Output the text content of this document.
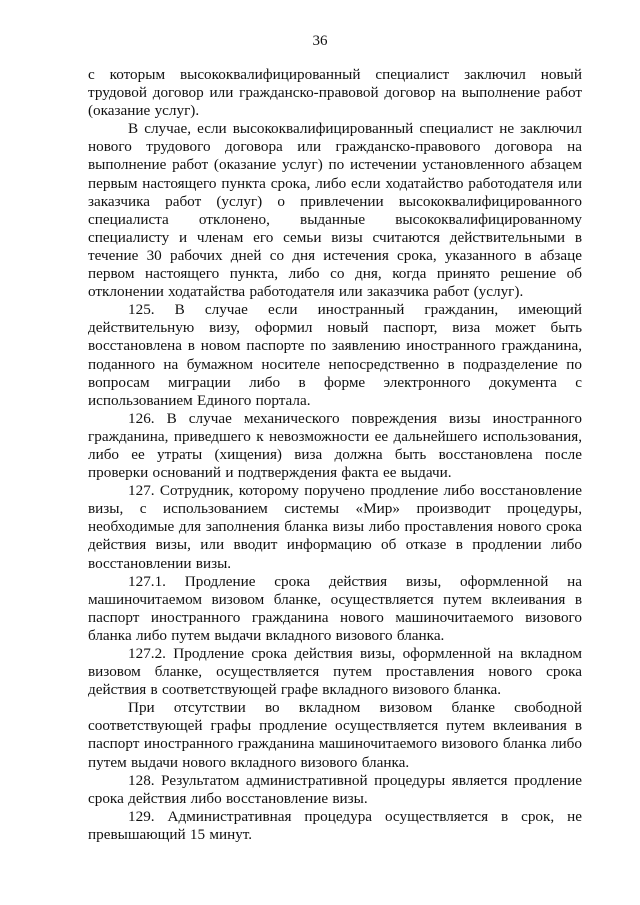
36

с которым высококвалифицированный специалист заключил новый трудовой договор или гражданско-правовой договор на выполнение работ (оказание услуг).

В случае, если высококвалифицированный специалист не заключил нового трудового договора или гражданско-правового договора на выполнение работ (оказание услуг) по истечении установленного абзацем первым настоящего пункта срока, либо если ходатайство работодателя или заказчика работ (услуг) о привлечении высококвалифицированного специалиста отклонено, выданные высококвалифицированному специалисту и членам его семьи визы считаются действительными в течение 30 рабочих дней со дня истечения срока, указанного в абзаце первом настоящего пункта, либо со дня, когда принято решение об отклонении ходатайства работодателя или заказчика работ (услуг).

125. В случае если иностранный гражданин, имеющий действительную визу, оформил новый паспорт, виза может быть восстановлена в новом паспорте по заявлению иностранного гражданина, поданного на бумажном носителе непосредственно в подразделение по вопросам миграции либо в форме электронного документа с использованием Единого портала.

126. В случае механического повреждения визы иностранного гражданина, приведшего к невозможности ее дальнейшего использования, либо ее утраты (хищения) виза должна быть восстановлена после проверки оснований и подтверждения факта ее выдачи.

127. Сотрудник, которому поручено продление либо восстановление визы, с использованием системы «Мир» производит процедуры, необходимые для заполнения бланка визы либо проставления нового срока действия визы, или вводит информацию об отказе в продлении либо восстановлении визы.

127.1. Продление срока действия визы, оформленной на машиночитаемом визовом бланке, осуществляется путем вклеивания в паспорт иностранного гражданина нового машиночитаемого визового бланка либо путем выдачи вкладного визового бланка.

127.2. Продление срока действия визы, оформленной на вкладном визовом бланке, осуществляется путем проставления нового срока действия в соответствующей графе вкладного визового бланка.

При отсутствии во вкладном визовом бланке свободной соответствующей графы продление осуществляется путем вклеивания в паспорт иностранного гражданина машиночитаемого визового бланка либо путем выдачи нового вкладного визового бланка.

128. Результатом административной процедуры является продление срока действия либо восстановление визы.

129. Административная процедура осуществляется в срок, не превышающий 15 минут.
